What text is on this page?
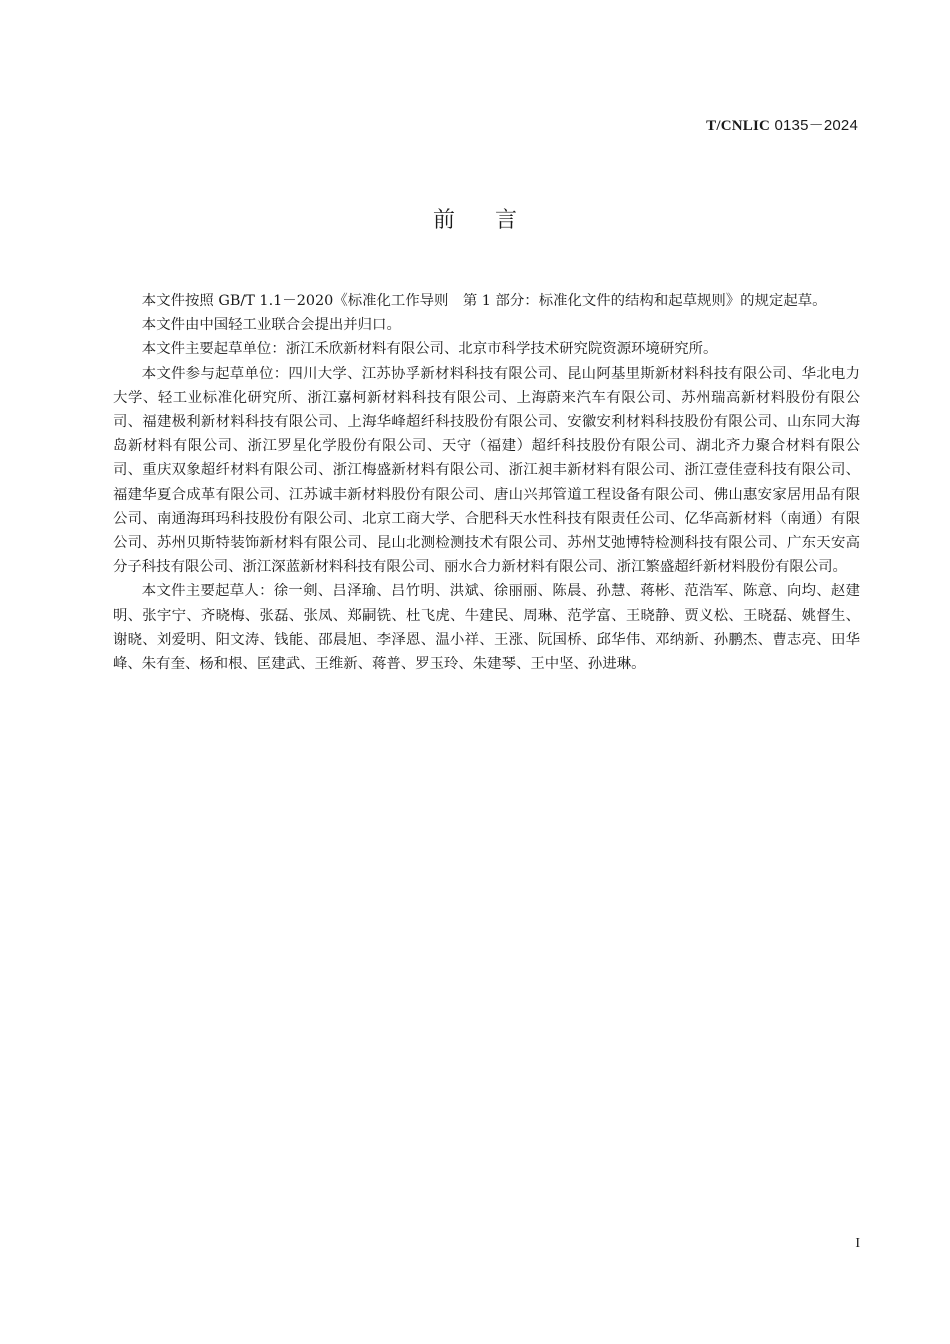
T/CNLIC 0135－2024
前言

本文件按照 GB/T 1.1－2020《标准化工作导则　第 1 部分：标准化文件的结构和起草规则》的规定起草。

本文件由中国轻工业联合会提出并归口。

本文件主要起草单位：浙江禾欣新材料有限公司、北京市科学技术研究院资源环境研究所。

本文件参与起草单位：四川大学、江苏协孚新材料科技有限公司、昆山阿基里斯新材料科技有限公司、华北电力大学、轻工业标准化研究所、浙江嘉柯新材料科技有限公司、上海蔚来汽车有限公司、苏州瑞高新材料股份有限公司、福建极利新材料科技有限公司、上海华峰超纤科技股份有限公司、安徽安利材料科技股份有限公司、山东同大海岛新材料有限公司、浙江罗星化学股份有限公司、天守（福建）超纤科技股份有限公司、湖北齐力聚合材料有限公司、重庆双象超纤材料有限公司、浙江梅盛新材料有限公司、浙江昶丰新材料有限公司、浙江壹佳壹科技有限公司、福建华夏合成革有限公司、江苏诚丰新材料股份有限公司、唐山兴邦管道工程设备有限公司、佛山惠安家居用品有限公司、南通海珥玛科技股份有限公司、北京工商大学、合肥科天水性科技有限责任公司、亿华高新材料（南通）有限公司、苏州贝斯特装饰新材料有限公司、昆山北测检测技术有限公司、苏州艾弛博特检测科技有限公司、广东天安高分子科技有限公司、浙江深蓝新材料科技有限公司、丽水合力新材料有限公司、浙江繁盛超纤新材料股份有限公司。

本文件主要起草人：徐一剣、吕泽瑜、吕竹明、洪斌、徐丽丽、陈晨、孙慧、蒋彬、范浩军、陈意、向均、赵建明、张宇宁、齐晓梅、张磊、张凤、郑嗣铣、杜飞虎、牛建民、周琳、范学富、王晓静、贾义松、王晓磊、姚督生、谢晓、刘爱明、阳文涛、钱能、邵晨旭、李泽恩、温小祥、王涨、阮国桥、邱华伟、邓纳新、孙鹏杰、曹志亮、田华峰、朱有奎、杨和根、匡建武、王维新、蒋普、罗玉玲、朱建琴、王中坚、孙进琳。

I
